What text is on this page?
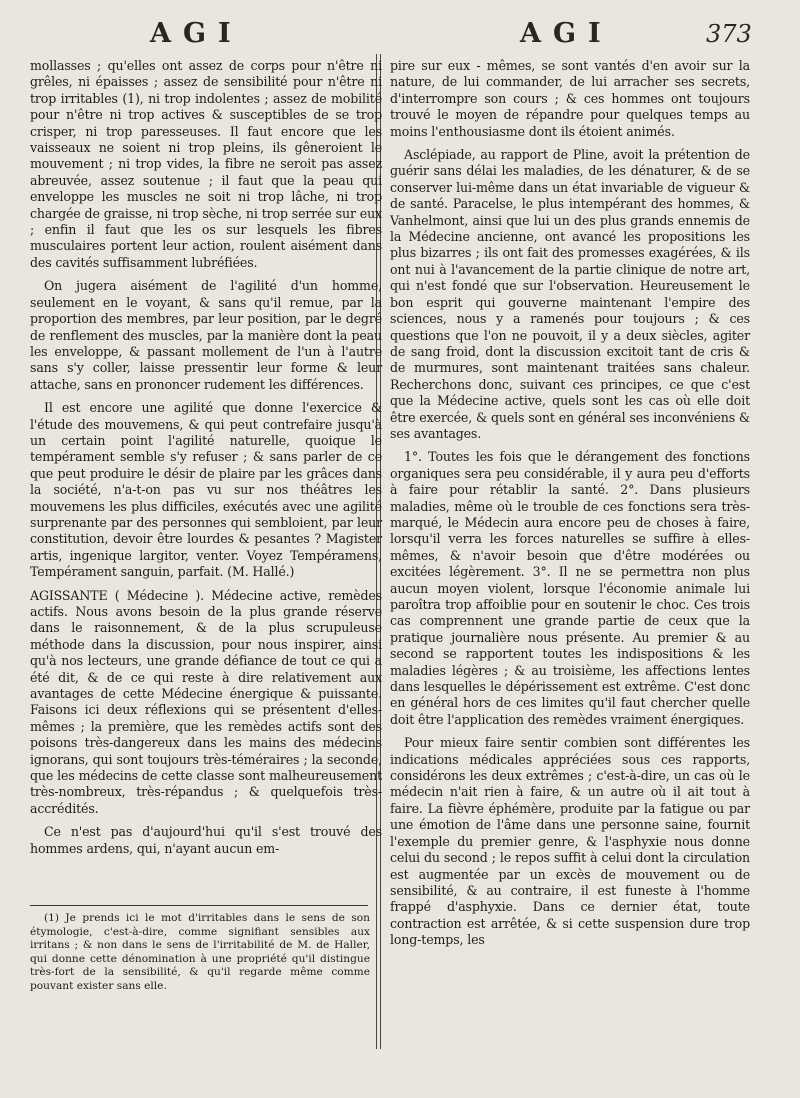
AGI	AGI	373

mollasses ; qu'elles ont assez de corps pour n'être ni grêles, ni épaisses ; assez de sensibilité pour n'être ni trop irritables (1), ni trop indolentes ; assez de mobilité pour n'être ni trop actives & susceptibles de se trop crisper, ni trop paresseuses. Il faut encore que les vaisseaux ne soient ni trop pleins, ils gêneroient le mouvement ; ni trop vides, la fibre ne seroit pas assez abreuvée, assez soutenue ; il faut que la peau qui enveloppe les muscles ne soit ni trop lâche, ni trop chargée de graisse, ni trop sèche, ni trop serrée sur eux ; enfin il faut que les os sur lesquels les fibres musculaires portent leur action, roulent aisément dans des cavités suffisamment lubréfiées.

On jugera aisément de l'agilité d'un homme, seulement en le voyant, & sans qu'il remue, par la proportion des membres, par leur position, par le degré de renflement des muscles, par la manière dont la peau les enveloppe, & passant mollement de l'un à l'autre sans s'y coller, laisse pressentir leur forme & leur attache, sans en prononcer rudement les différences.

Il est encore une agilité que donne l'exercice & l'étude des mouvemens, & qui peut contrefaire jusqu'à un certain point l'agilité naturelle, quoique le tempérament semble s'y refuser ; & sans parler de ce que peut produire le désir de plaire par les grâces dans la société, n'a-t-on pas vu sur nos théâtres les mouvemens les plus difficiles, exécutés avec une agilité surprenante par des personnes qui sembloient, par leur constitution, devoir être lourdes & pesantes ? Magister artis, ingenique largitor, venter. Voyez Tempéramens, Tempérament sanguin, parfait. (M. Hallé.)

AGISSANTE ( Médecine ). Médecine active, remèdes actifs. Nous avons besoin de la plus grande réserve dans le raisonnement, & de la plus scrupuleuse méthode dans la discussion, pour nous inspirer, ainsi qu'à nos lecteurs, une grande défiance de tout ce qui a été dit, & de ce qui reste à dire relativement aux avantages de cette Médecine énergique & puissante. Faisons ici deux réflexions qui se présentent d'elles-mêmes ; la première, que les remèdes actifs sont des poisons très-dangereux dans les mains des médecins ignorans, qui sont toujours très-téméraires ; la seconde, que les médecins de cette classe sont malheureusement très-nombreux, très-répandus ; & quelquefois très-accrédités.

Ce n'est pas d'aujourd'hui qu'il s'est trouvé des hommes ardens, qui, n'ayant aucun em-

(1) Je prends ici le mot d'irritables dans le sens de son étymologie, c'est-à-dire, comme signifiant sensibles aux irritans ; & non dans le sens de l'irritabilité de M. de Haller, qui donne cette dénomination à une propriété qu'il distingue très-fort de la sensibilité, & qu'il regarde même comme pouvant exister sans elle.

pire sur eux - mêmes, se sont vantés d'en avoir sur la nature, de lui commander, de lui arracher ses secrets, d'interrompre son cours ; & ces hommes ont toujours trouvé le moyen de répandre pour quelques temps au moins l'enthousiasme dont ils étoient animés.

Asclépiade, au rapport de Pline, avoit la prétention de guérir sans délai les maladies, de les dénaturer, & de se conserver lui-même dans un état invariable de vigueur & de santé. Paracelse, le plus intempérant des hommes, & Vanhelmont, ainsi que lui un des plus grands ennemis de la Médecine ancienne, ont avancé les propositions les plus bizarres ; ils ont fait des promesses exagérées, & ils ont nui à l'avancement de la partie clinique de notre art, qui n'est fondé que sur l'observation. Heureusement le bon esprit qui gouverne maintenant l'empire des sciences, nous y a ramenés pour toujours ; & ces questions que l'on ne pouvoit, il y a deux siècles, agiter de sang froid, dont la discussion excitoit tant de cris & de murmures, sont maintenant traitées sans chaleur. Recherchons donc, suivant ces principes, ce que c'est que la Médecine active, quels sont les cas où elle doit être exercée, & quels sont en général ses inconvéniens & ses avantages.

1°. Toutes les fois que le dérangement des fonctions organiques sera peu considérable, il y aura peu d'efforts à faire pour rétablir la santé. 2°. Dans plusieurs maladies, même où le trouble de ces fonctions sera très-marqué, le Médecin aura encore peu de choses à faire, lorsqu'il verra les forces naturelles se suffire à elles-mêmes, & n'avoir besoin que d'être modérées ou excitées légèrement. 3°. Il ne se permettra non plus aucun moyen violent, lorsque l'économie animale lui paroîtra trop affoiblie pour en soutenir le choc. Ces trois cas comprennent une grande partie de ceux que la pratique journalière nous présente. Au premier & au second se rapportent toutes les indispositions & les maladies légères ; & au troisième, les affections lentes dans lesquelles le dépérissement est extrême. C'est donc en général hors de ces limites qu'il faut chercher quelle doit être l'application des remèdes vraiment énergiques.

Pour mieux faire sentir combien sont différentes les indications médicales appréciées sous ces rapports, considérons les deux extrêmes ; c'est-à-dire, un cas où le médecin n'ait rien à faire, & un autre où il ait tout à faire. La fièvre éphémère, produite par la fatigue ou par une émotion de l'âme dans une personne saine, fournit l'exemple du premier genre, & l'asphyxie nous donne celui du second ; le repos suffit à celui dont la circulation est augmentée par un excès de mouvement ou de sensibilité, & au contraire, il est funeste à l'homme frappé d'asphyxie. Dans ce dernier état, toute contraction est arrêtée, & si cette suspension dure trop long-temps, les
